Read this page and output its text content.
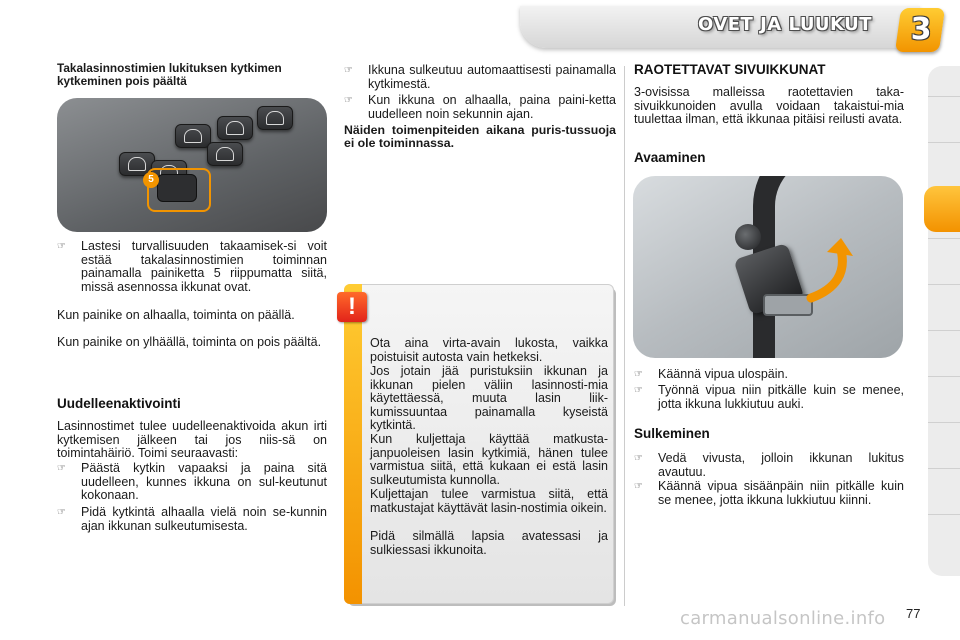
OVET JA LUUKUT 3
Takalasinnostimien lukituksen kytkimen kytkeminen pois päältä
5
☞ Lastesi turvallisuuden takaamisek-si voit estää takalasinnostimien toiminnan painamalla painiketta 5 riippumatta siitä, missä asennossa ikkunat ovat.
Kun painike on alhaalla, toiminta on päällä.
Kun painike on ylhäällä, toiminta on pois päältä.
Uudelleenaktivointi
Lasinnostimet tulee uudelleenaktivoida akun irti kytkemisen jälkeen tai jos niis-sä on toimintahäiriö. Toimi seuraavasti:
☞ Päästä kytkin vapaaksi ja paina sitä uudelleen, kunnes ikkuna on sul-keutunut kokonaan.
☞ Pidä kytkintä alhaalla vielä noin se-kunnin ajan ikkunan sulkeutumisesta.
☞ Ikkuna sulkeutuu automaattisesti painamalla kytkimestä.
☞ Kun ikkuna on alhaalla, paina paini-ketta uudelleen noin sekunnin ajan.
Näiden toimenpiteiden aikana puris-tussuoja ei ole toiminnassa.
!
Ota aina virta-avain lukosta, vaikka poistuisit autosta vain hetkeksi.
Jos jotain jää puristuksiin ikkunan ja ikkunan pielen väliin lasinnosti-mia käytettäessä, muuta lasin liik-kumissuuntaa painamalla kyseistä kytkintä.
Kun kuljettaja käyttää matkusta-janpuoleisen lasin kytkimiä, hänen tulee varmistua siitä, että kukaan ei estä lasin sulkeutumista kunnolla.
Kuljettajan tulee varmistua siitä, että matkustajat käyttävät lasin-nostimia oikein.
Pidä silmällä lapsia avatessasi ja sulkiessasi ikkunoita.
RAOTETTAVAT SIVUIKKUNAT
3-ovisissa malleissa raotettavien taka-sivuikkunoiden avulla voidaan takaistui-mia tuulettaa ilman, että ikkunaa pitäisi reilusti avata.
Avaaminen
☞ Käännä vipua ulospäin.
☞ Työnnä vipua niin pitkälle kuin se menee, jotta ikkuna lukkiutuu auki.
Sulkeminen
☞ Vedä vivusta, jolloin ikkunan lukitus avautuu.
☞ Käännä vipua sisäänpäin niin pitkälle kuin se menee, jotta ikkuna lukkiutuu kiinni.
carmanualsonline.info 77
